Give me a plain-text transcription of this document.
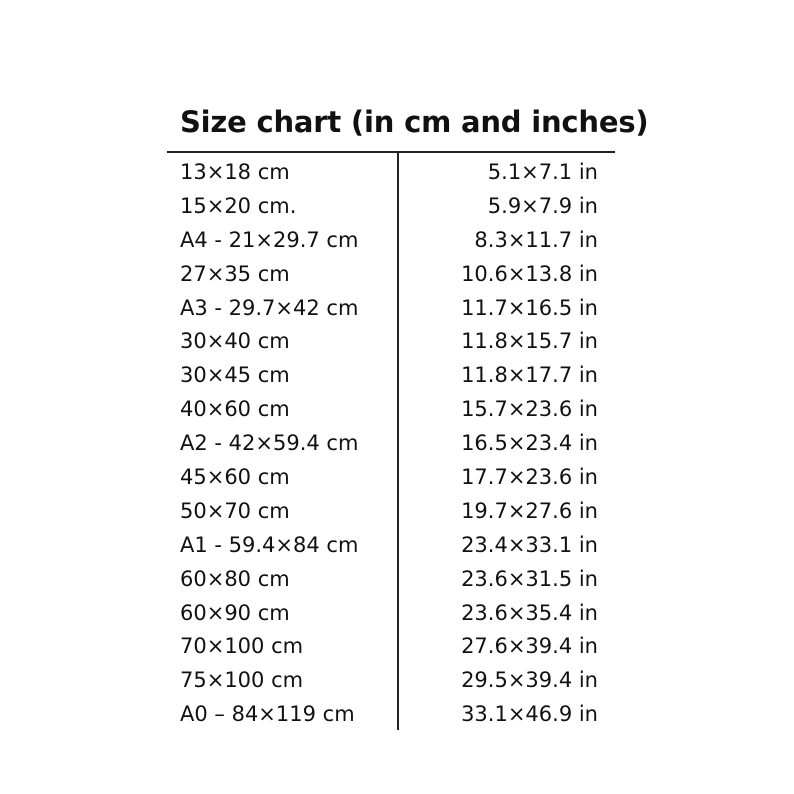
Size chart (in cm and inches)
13×18 cm	5.1×7.1 in
15×20 cm.	5.9×7.9 in
A4 - 21×29.7 cm	8.3×11.7 in
27×35 cm	10.6×13.8 in
A3 - 29.7×42 cm	11.7×16.5 in
30×40 cm	11.8×15.7 in
30×45 cm	11.8×17.7 in
40×60 cm	15.7×23.6 in
A2 - 42×59.4 cm	16.5×23.4 in
45×60 cm	17.7×23.6 in
50×70 cm	19.7×27.6 in
A1 - 59.4×84 cm	23.4×33.1 in
60×80 cm	23.6×31.5 in
60×90 cm	23.6×35.4 in
70×100 cm	27.6×39.4 in
75×100 cm	29.5×39.4 in
A0 – 84×119 cm	33.1×46.9 in
